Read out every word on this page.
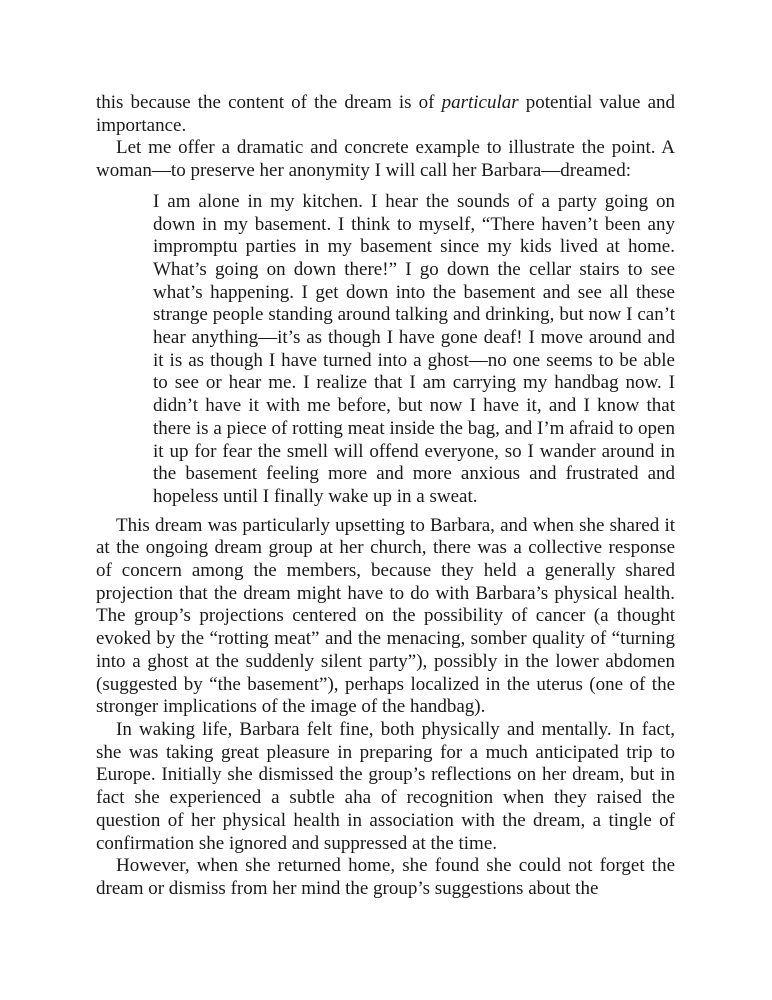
this because the content of the dream is of particular potential value and importance.

Let me offer a dramatic and concrete example to illustrate the point. A woman—to preserve her anonymity I will call her Barbara—dreamed:

I am alone in my kitchen. I hear the sounds of a party going on down in my basement. I think to myself, “There haven’t been any impromptu parties in my basement since my kids lived at home. What’s going on down there!” I go down the cellar stairs to see what’s happening. I get down into the basement and see all these strange people standing around talking and drinking, but now I can’t hear anything—it’s as though I have gone deaf! I move around and it is as though I have turned into a ghost—no one seems to be able to see or hear me. I realize that I am carrying my handbag now. I didn’t have it with me before, but now I have it, and I know that there is a piece of rotting meat inside the bag, and I’m afraid to open it up for fear the smell will offend everyone, so I wander around in the basement feeling more and more anxious and frustrated and hopeless until I finally wake up in a sweat.

This dream was particularly upsetting to Barbara, and when she shared it at the ongoing dream group at her church, there was a collective response of concern among the members, because they held a generally shared projection that the dream might have to do with Barbara’s physical health. The group’s projections centered on the possibility of cancer (a thought evoked by the “rotting meat” and the menacing, somber quality of “turning into a ghost at the suddenly silent party”), possibly in the lower abdomen (suggested by “the basement”), perhaps localized in the uterus (one of the stronger implications of the image of the handbag).

In waking life, Barbara felt fine, both physically and mentally. In fact, she was taking great pleasure in preparing for a much anticipated trip to Europe. Initially she dismissed the group’s reflections on her dream, but in fact she experienced a subtle aha of recognition when they raised the question of her physical health in association with the dream, a tingle of confirmation she ignored and suppressed at the time.

However, when she returned home, she found she could not forget the dream or dismiss from her mind the group’s suggestions about the
